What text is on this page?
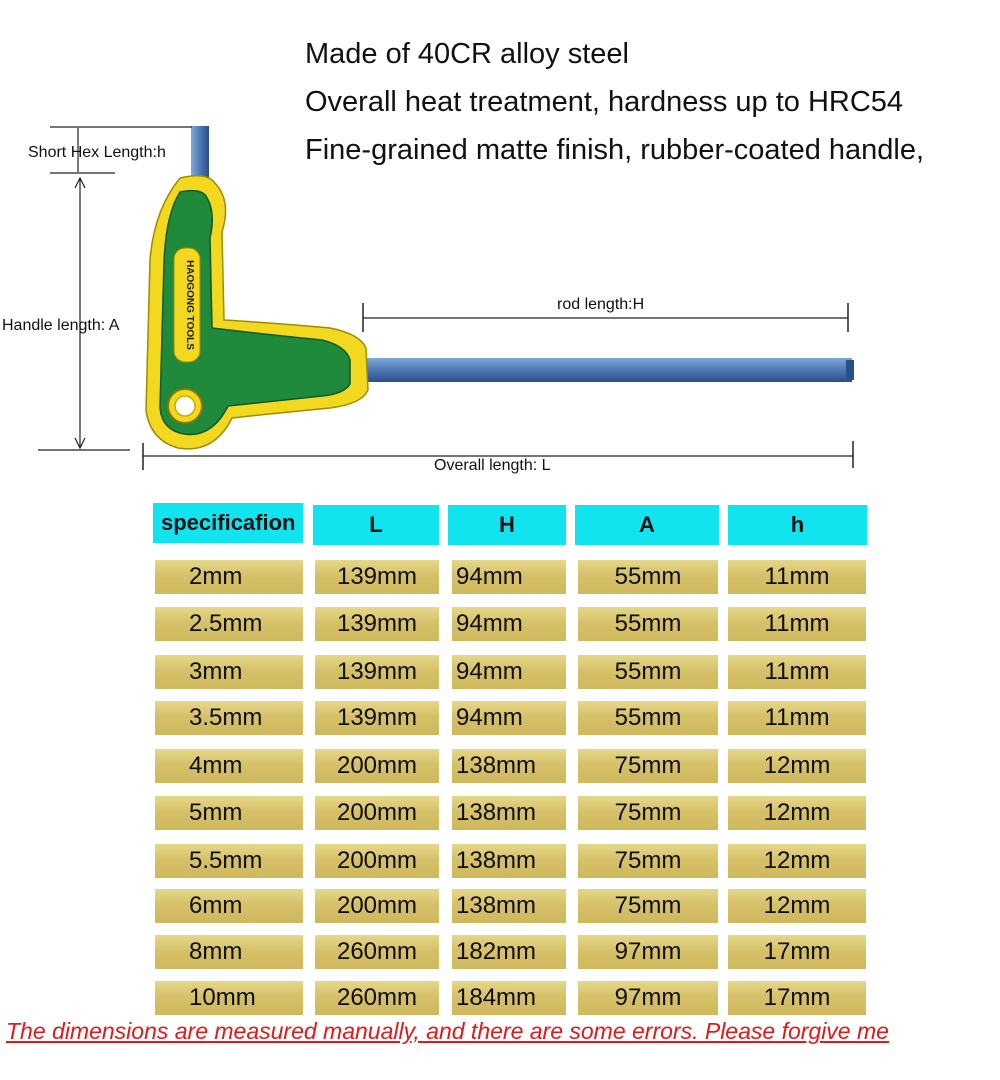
Made of 40CR alloy steel
Overall heat treatment, hardness up to HRC54
Fine-grained matte finish, rubber-coated handle,
HAOGONG TOOLS
Short Hex Length:h
Handle length: A
rod length:H
Overall length: L
specificafion	L	H	A	h
2mm	139mm	94mm	55mm	11mm
2.5mm	139mm	94mm	55mm	11mm
3mm	139mm	94mm	55mm	11mm
3.5mm	139mm	94mm	55mm	11mm
4mm	200mm	138mm	75mm	12mm
5mm	200mm	138mm	75mm	12mm
5.5mm	200mm	138mm	75mm	12mm
6mm	200mm	138mm	75mm	12mm
8mm	260mm	182mm	97mm	17mm
10mm	260mm	184mm	97mm	17mm
The dimensions are measured manually, and there are some errors. Please forgive me
